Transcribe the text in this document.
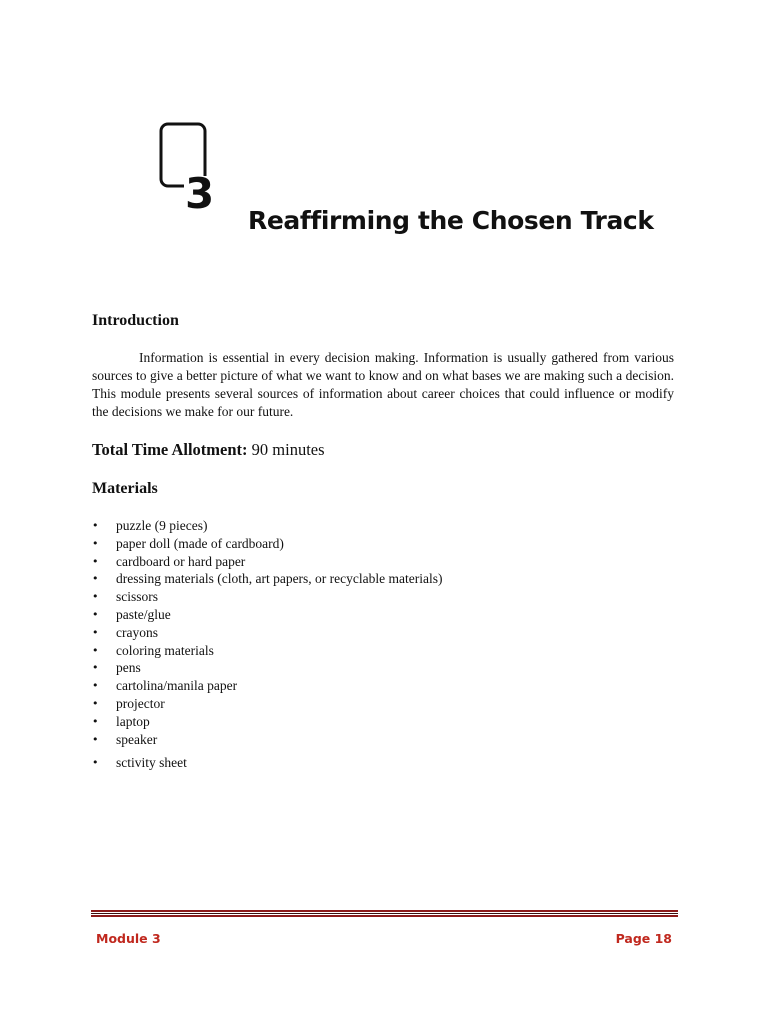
3
Reaffirming the Chosen Track
Introduction

Information is essential in every decision making. Information is usually gathered from various sources to give a better picture of what we want to know and on what bases we are making such a decision. This module presents several sources of information about career choices that could influence or modify the decisions we make for our future.

Total Time Allotment: 90 minutes
Materials
• puzzle (9 pieces)
• paper doll (made of cardboard)
• cardboard or hard paper
• dressing materials (cloth, art papers, or recyclable materials)
• scissors
• paste/glue
• crayons
• coloring materials
• pens
• cartolina/manila paper
• projector
• laptop
• speaker
• sctivity sheet

Module 3	Page 18
